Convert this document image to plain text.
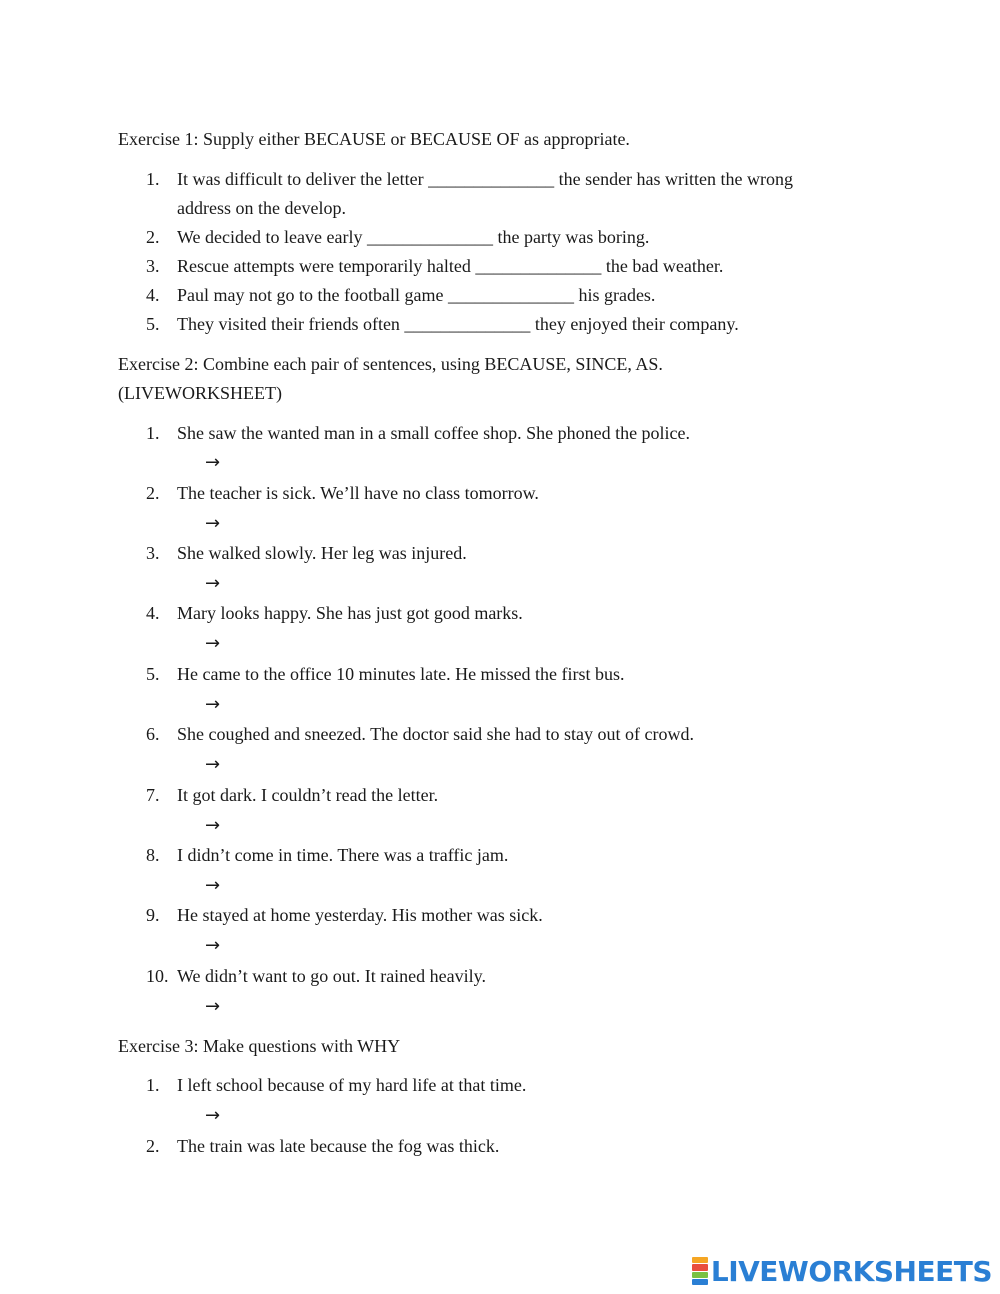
Exercise 1: Supply either BECAUSE or BECAUSE OF as appropriate.
1. It was difficult to deliver the letter ______________ the sender has written the wrong
address on the develop.
2. We decided to leave early ______________ the party was boring.
3. Rescue attempts were temporarily halted ______________ the bad weather.
4. Paul may not go to the football game ______________ his grades.
5. They visited their friends often ______________ they enjoyed their company.
Exercise 2: Combine each pair of sentences, using BECAUSE, SINCE, AS.
(LIVEWORKSHEET)
1. She saw the wanted man in a small coffee shop. She phoned the police.
→
2. The teacher is sick. We’ll have no class tomorrow.
→
3. She walked slowly. Her leg was injured.
→
4. Mary looks happy. She has just got good marks.
→
5. He came to the office 10 minutes late. He missed the first bus.
→
6. She coughed and sneezed. The doctor said she had to stay out of crowd.
→
7. It got dark. I couldn’t read the letter.
→
8. I didn’t come in time. There was a traffic jam.
→
9. He stayed at home yesterday. His mother was sick.
→
10. We didn’t want to go out. It rained heavily.
→
Exercise 3: Make questions with WHY
1. I left school because of my hard life at that time.
→
2. The train was late because the fog was thick.
LIVEWORKSHEETS
